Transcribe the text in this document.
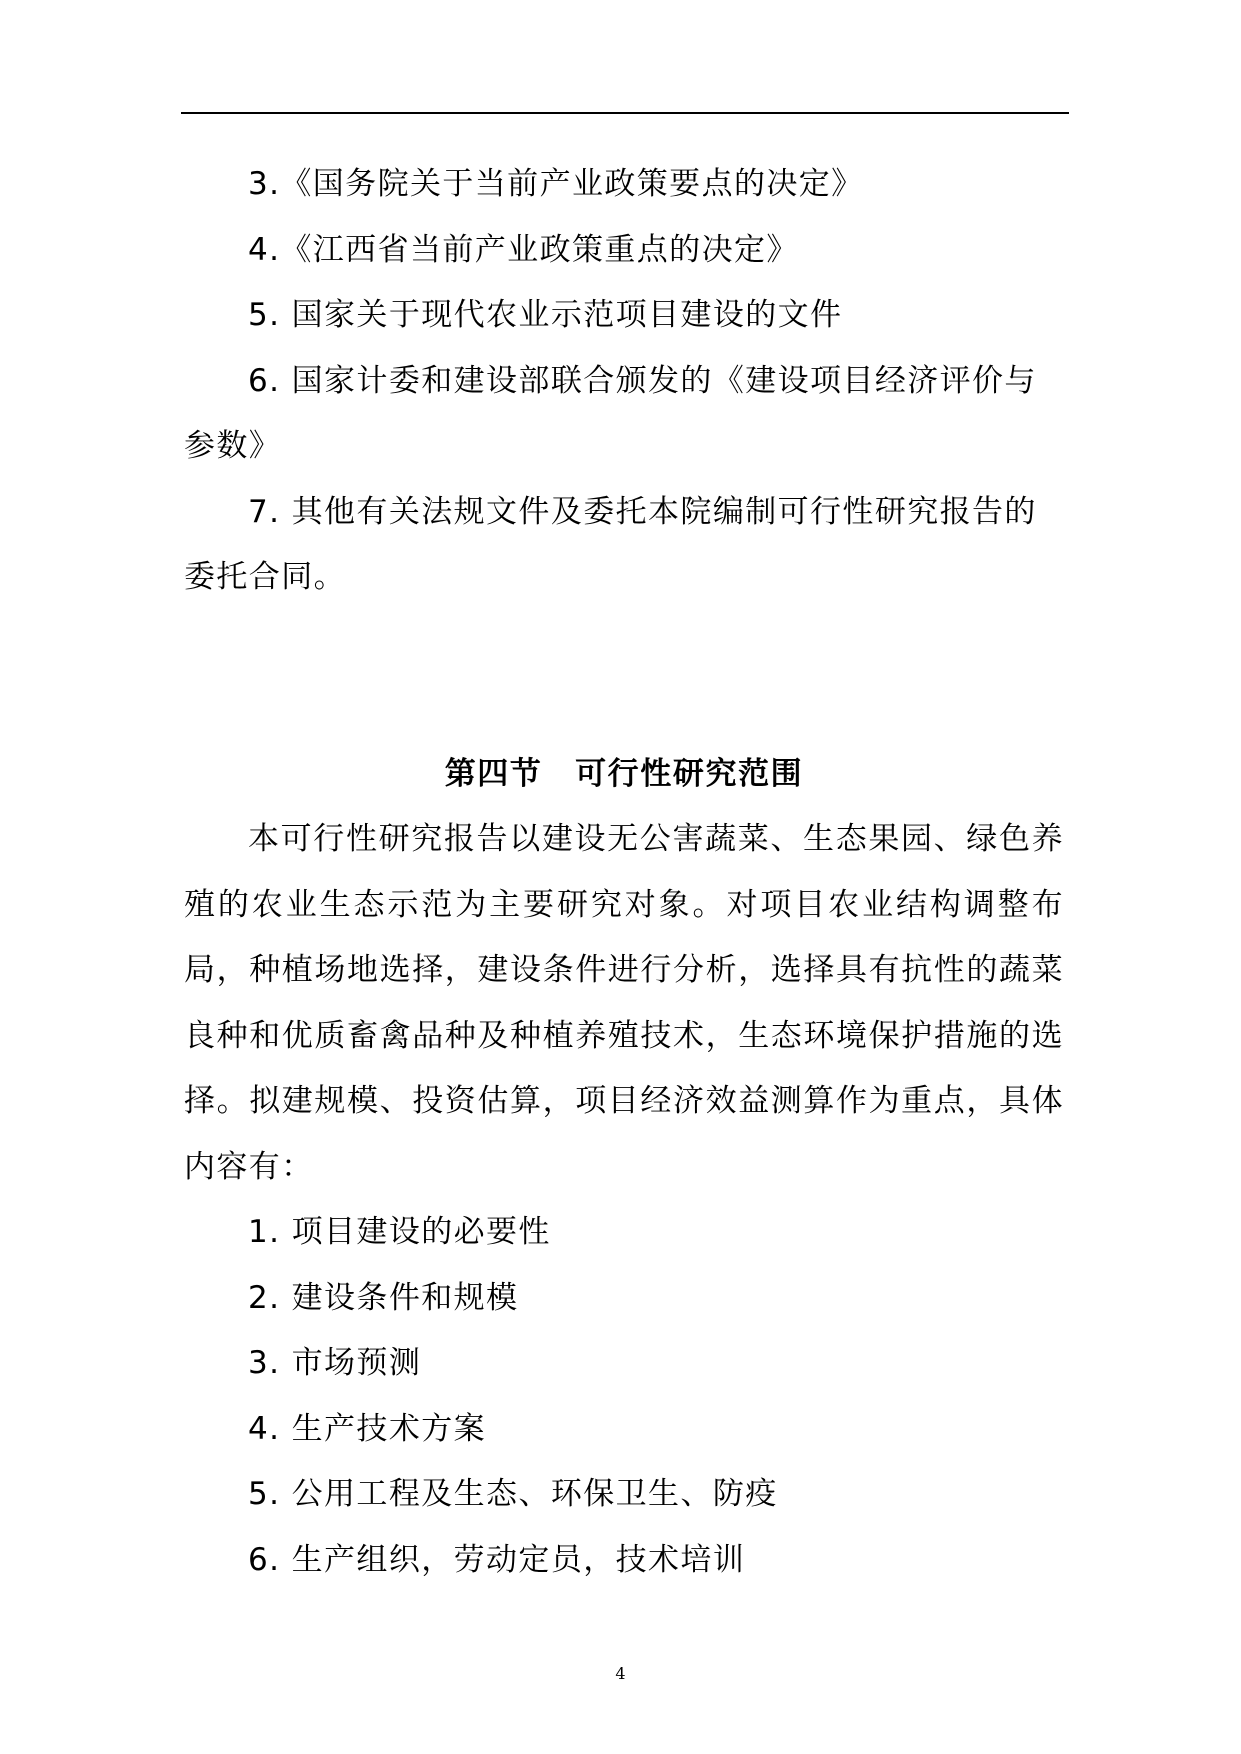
3.《国务院关于当前产业政策要点的决定》

4.《江西省当前产业政策重点的决定》

5. 国家关于现代农业示范项目建设的文件

6. 国家计委和建设部联合颁发的《建设项目经济评价与参数》

7. 其他有关法规文件及委托本院编制可行性研究报告的委托合同。

第四节　可行性研究范围

本可行性研究报告以建设无公害蔬菜、生态果园、绿色养殖的农业生态示范为主要研究对象。对项目农业结构调整布局，种植场地选择，建设条件进行分析，选择具有抗性的蔬菜良种和优质畜禽品种及种植养殖技术，生态环境保护措施的选择。拟建规模、投资估算，项目经济效益测算作为重点，具体内容有：

1. 项目建设的必要性

2. 建设条件和规模

3. 市场预测

4. 生产技术方案

5. 公用工程及生态、环保卫生、防疫

6. 生产组织，劳动定员，技术培训

4
